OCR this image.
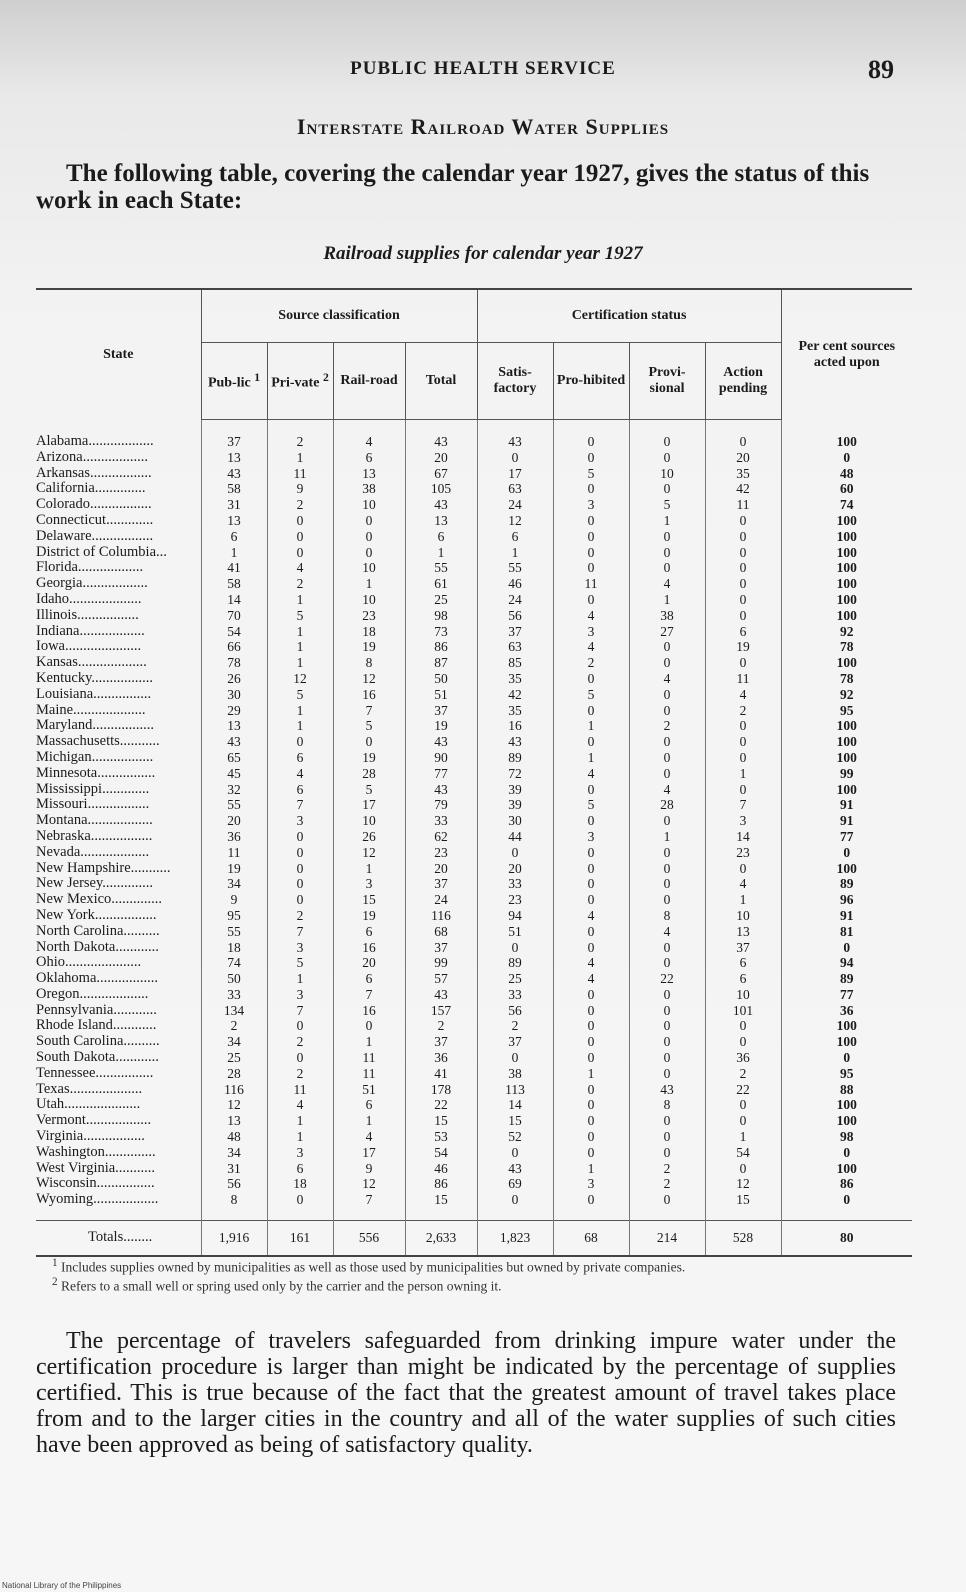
PUBLIC HEALTH SERVICE	89
Interstate Railroad Water Supplies
The following table, covering the calendar year 1927, gives the status of this work in each State:
Railroad supplies for calendar year 1927
State	Source classification				Certification status				Per cent sources acted upon
	Pub-lic $^1$	Pri-vate $^2$	Rail-road	Total	Satis-factory	Pro-hibited	Provi-sional	Action pending	
Alabama..................	37	2	4	43	43	0	0	0	100
Arizona..................	13	1	6	20	0	0	0	20	0
Arkansas.................	43	11	13	67	17	5	10	35	48
California..............	58	9	38	105	63	0	0	42	60
Colorado.................	31	2	10	43	24	3	5	11	74
Connecticut.............	13	0	0	13	12	0	1	0	100
Delaware.................	6	0	0	6	6	0	0	0	100
District of Columbia...	1	0	0	1	1	0	0	0	100
Florida..................	41	4	10	55	55	0	0	0	100
Georgia..................	58	2	1	61	46	11	4	0	100
Idaho....................	14	1	10	25	24	0	1	0	100
Illinois.................	70	5	23	98	56	4	38	0	100
Indiana..................	54	1	18	73	37	3	27	6	92
Iowa.....................	66	1	19	86	63	4	0	19	78
Kansas...................	78	1	8	87	85	2	0	0	100
Kentucky.................	26	12	12	50	35	0	4	11	78
Louisiana................	30	5	16	51	42	5	0	4	92
Maine....................	29	1	7	37	35	0	0	2	95
Maryland.................	13	1	5	19	16	1	2	0	100
Massachusetts...........	43	0	0	43	43	0	0	0	100
Michigan.................	65	6	19	90	89	1	0	0	100
Minnesota................	45	4	28	77	72	4	0	1	99
Mississippi.............	32	6	5	43	39	0	4	0	100
Missouri.................	55	7	17	79	39	5	28	7	91
Montana..................	20	3	10	33	30	0	0	3	91
Nebraska.................	36	0	26	62	44	3	1	14	77
Nevada...................	11	0	12	23	0	0	0	23	0
New Hampshire...........	19	0	1	20	20	0	0	0	100
New Jersey..............	34	0	3	37	33	0	0	4	89
New Mexico..............	9	0	15	24	23	0	0	1	96
New York.................	95	2	19	116	94	4	8	10	91
North Carolina..........	55	7	6	68	51	0	4	13	81
North Dakota............	18	3	16	37	0	0	0	37	0
Ohio.....................	74	5	20	99	89	4	0	6	94
Oklahoma.................	50	1	6	57	25	4	22	6	89
Oregon...................	33	3	7	43	33	0	0	10	77
Pennsylvania............	134	7	16	157	56	0	0	101	36
Rhode Island............	2	0	0	2	2	0	0	0	100
South Carolina..........	34	2	1	37	37	0	0	0	100
South Dakota............	25	0	11	36	0	0	0	36	0
Tennessee................	28	2	11	41	38	1	0	2	95
Texas....................	116	11	51	178	113	0	43	22	88
Utah.....................	12	4	6	22	14	0	8	0	100
Vermont..................	13	1	1	15	15	0	0	0	100
Virginia.................	48	1	4	53	52	0	0	1	98
Washington..............	34	3	17	54	0	0	0	54	0
West Virginia...........	31	6	9	46	43	1	2	0	100
Wisconsin................	56	18	12	86	69	3	2	12	86
Wyoming..................	8	0	7	15	0	0	0	15	0
Totals........	1,916	161	556	2,633	1,823	68	214	528	80

$^1$ Includes supplies owned by municipalities as well as those used by municipalities but owned by private companies.

$^2$ Refers to a small well or spring used only by the carrier and the person owning it.

The percentage of travelers safeguarded from drinking impure water under the certification procedure is larger than might be indicated by the percentage of supplies certified. This is true because of the fact that the greatest amount of travel takes place from and to the larger cities in the country and all of the water supplies of such cities have been approved as being of satisfactory quality.
National Library of the Philippines
